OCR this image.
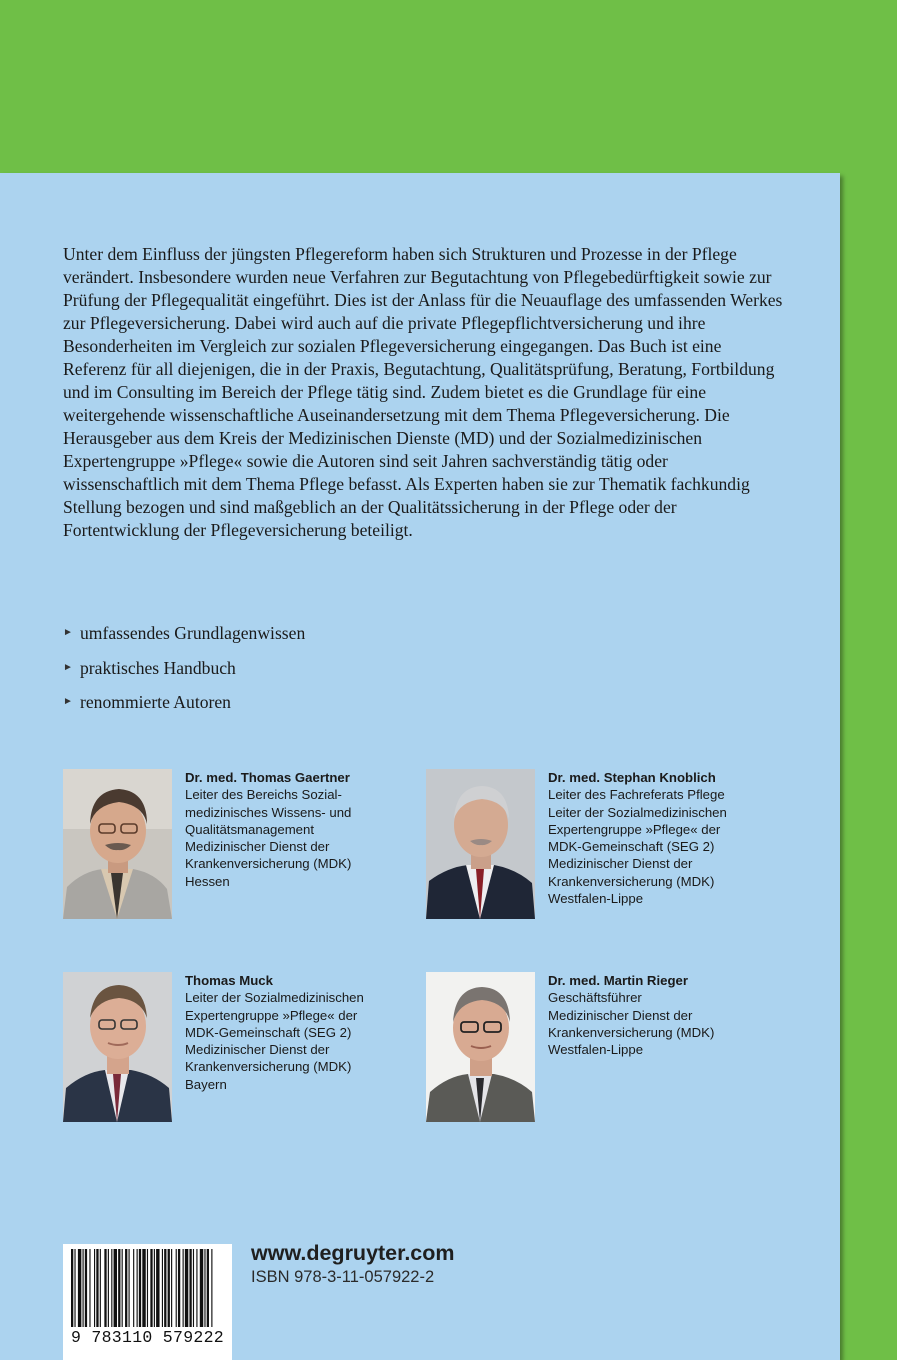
Unter dem Einfluss der jüngsten Pflegereform haben sich Strukturen und Prozesse in der Pflege verändert. Insbesondere wurden neue Verfahren zur Begutachtung von Pflegebedürftigkeit sowie zur Prüfung der Pflegequalität eingeführt. Dies ist der Anlass für die Neuauflage des umfassenden Werkes zur Pflegeversicherung. Dabei wird auch auf die private Pflegepflichtversicherung und ihre Besonderheiten im Vergleich zur sozialen Pflegeversicherung eingegangen. Das Buch ist eine Referenz für all diejenigen, die in der Praxis, Begutachtung, Qualitätsprüfung, Beratung, Fortbildung und im Consulting im Bereich der Pflege tätig sind. Zudem bietet es die Grundlage für eine weitergehende wissenschaftliche Auseinandersetzung mit dem Thema Pflegeversicherung. Die Herausgeber aus dem Kreis der Medizinischen Dienste (MD) und der Sozialmedizinischen Expertengruppe »Pflege« sowie die Autoren sind seit Jahren sachverständig tätig oder wissenschaftlich mit dem Thema Pflege befasst. Als Experten haben sie zur Thematik fachkundig Stellung bezogen und sind maßgeblich an der Qualitätssicherung in der Pflege oder der Fortentwicklung der Pflegeversicherung beteiligt.

► umfassendes Grundlagenwissen
► praktisches Handbuch
► renommierte Autoren
Dr. med. Thomas Gaertner
Leiter des Bereichs Sozial-
medizinisches Wissens- und
Qualitätsmanagement
Medizinischer Dienst der
Krankenversicherung (MDK)
Hessen
Dr. med. Stephan Knoblich
Leiter des Fachreferats Pflege
Leiter der Sozialmedizinischen
Expertengruppe »Pflege« der
MDK-Gemeinschaft (SEG 2)
Medizinischer Dienst der
Krankenversicherung (MDK)
Westfalen-Lippe
Thomas Muck
Leiter der Sozialmedizinischen
Expertengruppe »Pflege« der
MDK-Gemeinschaft (SEG 2)
Medizinischer Dienst der
Krankenversicherung (MDK)
Bayern
Dr. med. Martin Rieger
Geschäftsführer
Medizinischer Dienst der
Krankenversicherung (MDK)
Westfalen-Lippe
9 783110 579222
www.degruyter.com
ISBN 978-3-11-057922-2
